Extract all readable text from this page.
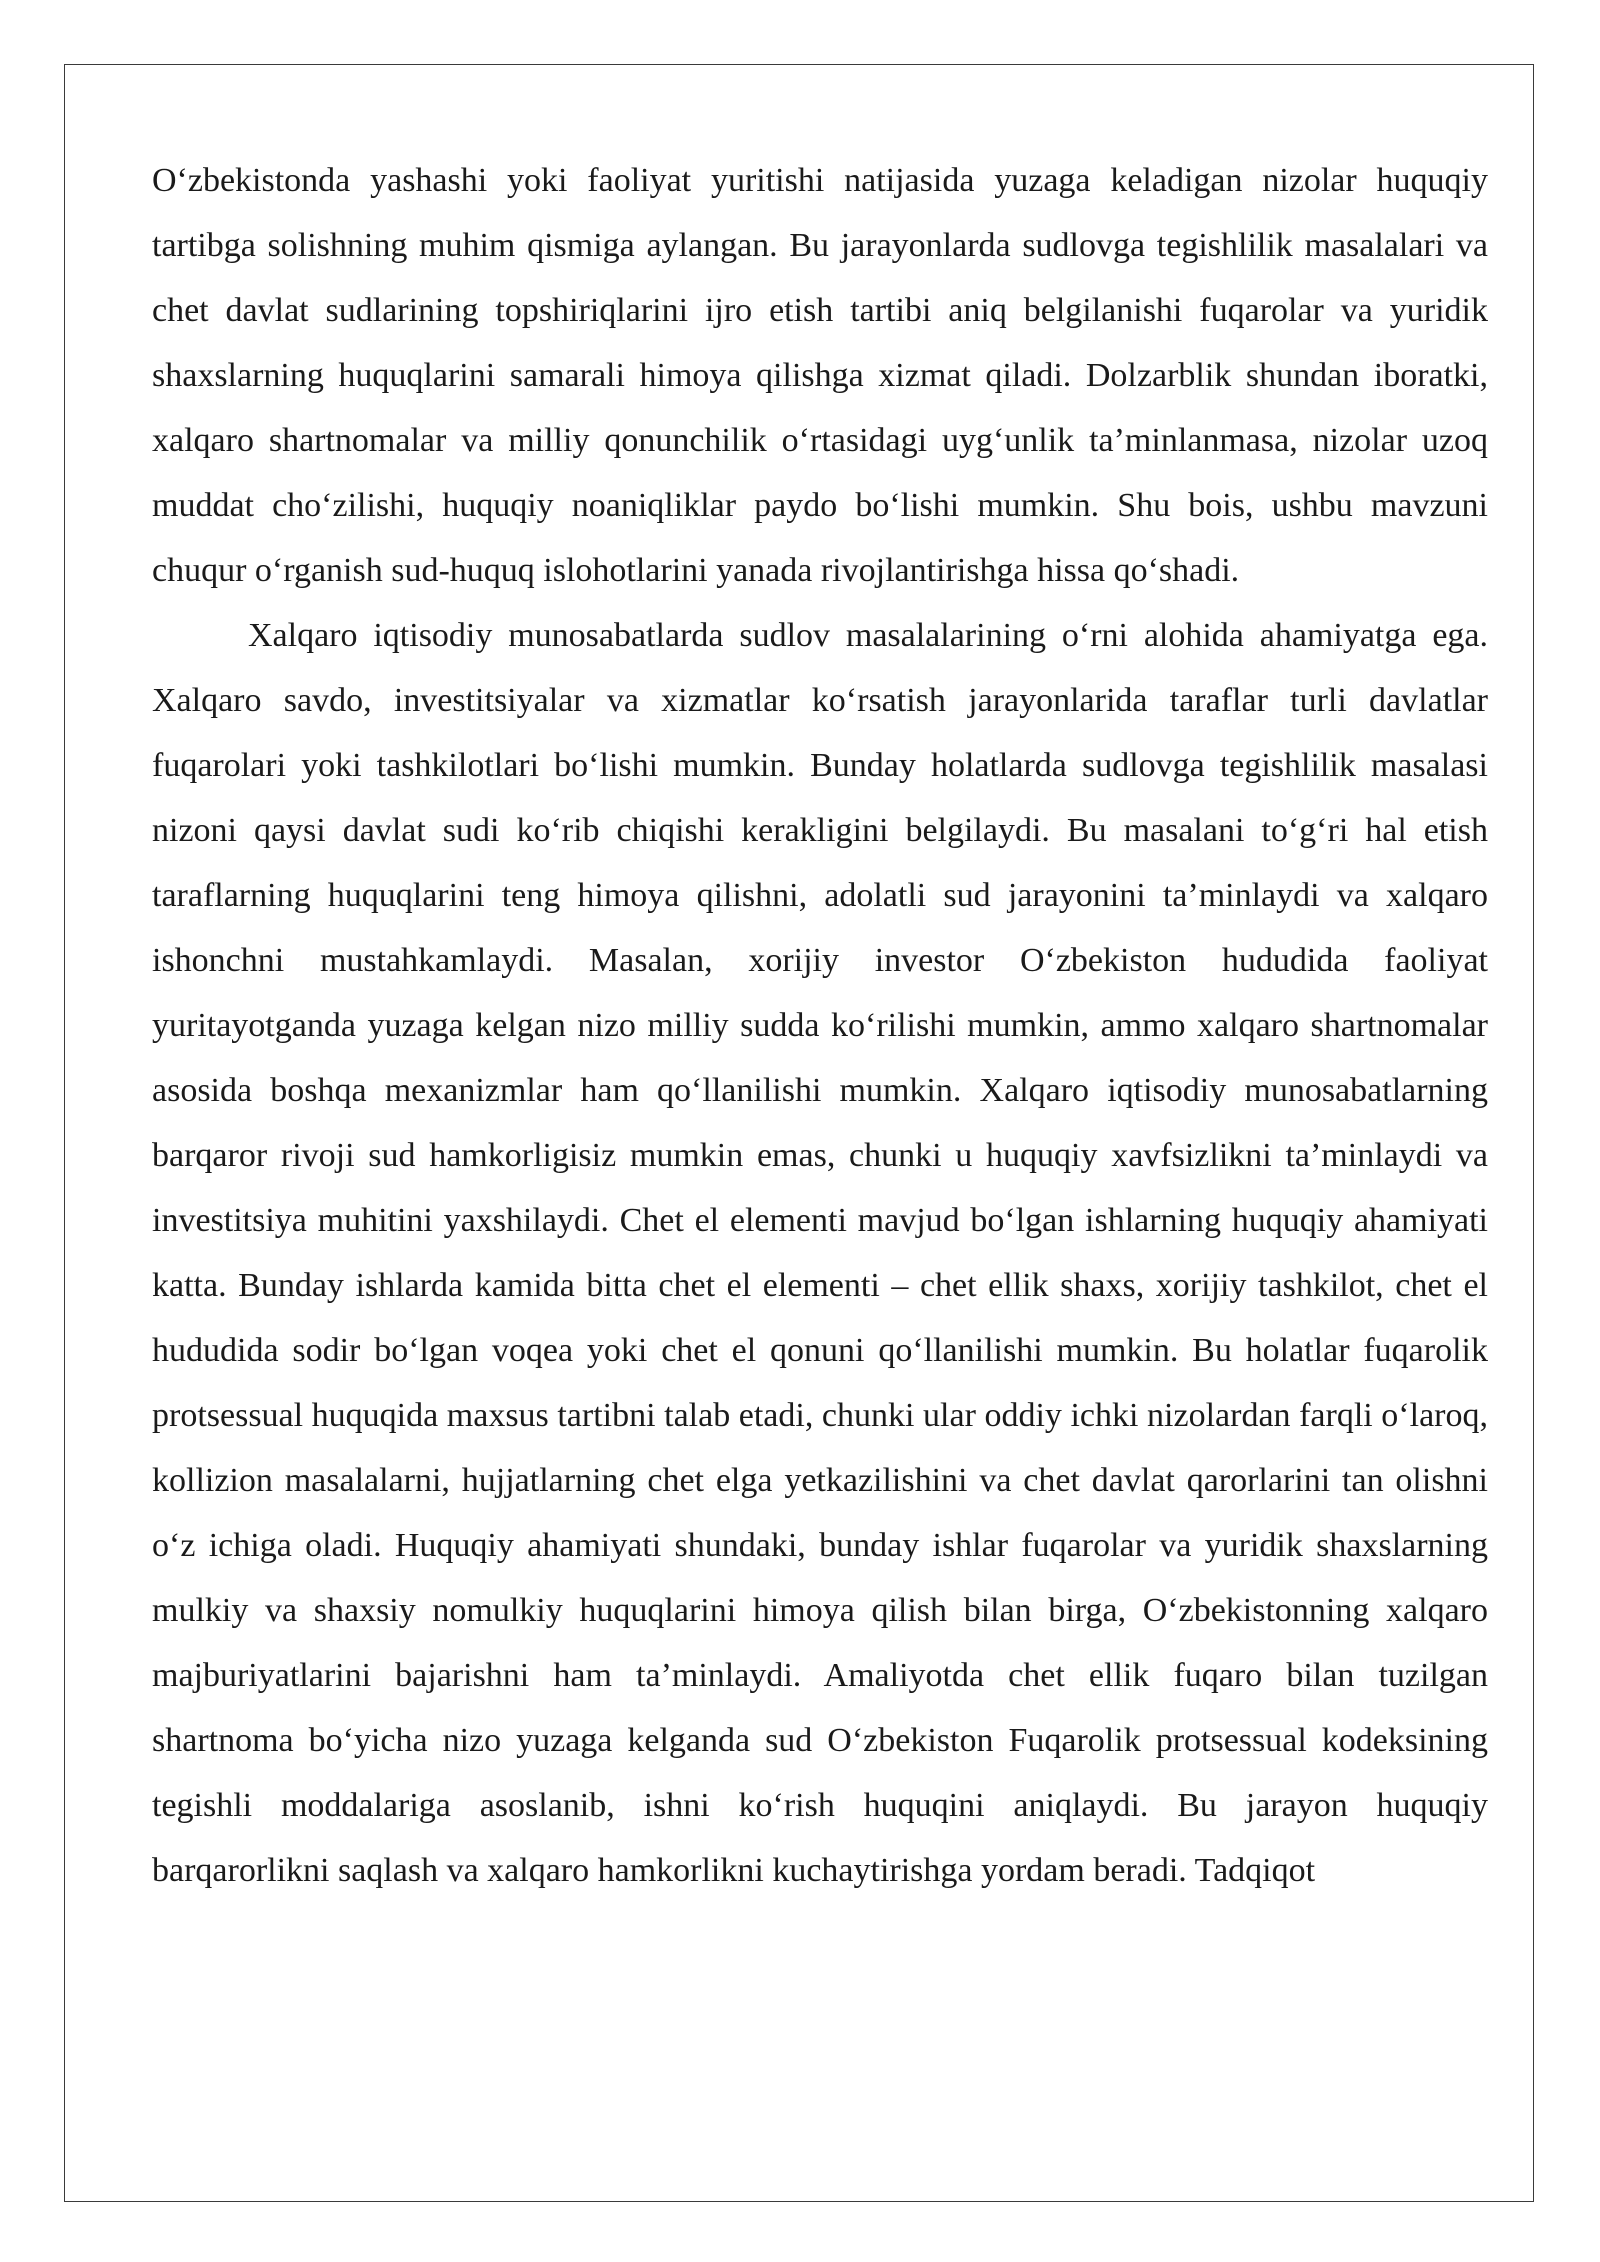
O‘zbekistonda yashashi yoki faoliyat yuritishi natijasida yuzaga keladigan nizolar huquqiy tartibga solishning muhim qismiga aylangan. Bu jarayonlarda sudlovga tegishlilik masalalari va chet davlat sudlarining topshiriqlarini ijro etish tartibi aniq belgilanishi fuqarolar va yuridik shaxslarning huquqlarini samarali himoya qilishga xizmat qiladi. Dolzarblik shundan iboratki, xalqaro shartnomalar va milliy qonunchilik o‘rtasidagi uyg‘unlik ta’minlanmasa, nizolar uzoq muddat cho‘zilishi, huquqiy noaniqliklar paydo bo‘lishi mumkin. Shu bois, ushbu mavzuni chuqur o‘rganish sud-huquq islohotlarini yanada rivojlantirishga hissa qo‘shadi.

Xalqaro iqtisodiy munosabatlarda sudlov masalalarining o‘rni alohida ahamiyatga ega. Xalqaro savdo, investitsiyalar va xizmatlar ko‘rsatish jarayonlarida taraflar turli davlatlar fuqarolari yoki tashkilotlari bo‘lishi mumkin. Bunday holatlarda sudlovga tegishlilik masalasi nizoni qaysi davlat sudi ko‘rib chiqishi kerakligini belgilaydi. Bu masalani to‘g‘ri hal etish taraflarning huquqlarini teng himoya qilishni, adolatli sud jarayonini ta’minlaydi va xalqaro ishonchni mustahkamlaydi. Masalan, xorijiy investor O‘zbekiston hududida faoliyat yuritayotganda yuzaga kelgan nizo milliy sudda ko‘rilishi mumkin, ammo xalqaro shartnomalar asosida boshqa mexanizmlar ham qo‘llanilishi mumkin. Xalqaro iqtisodiy munosabatlarning barqaror rivoji sud hamkorligisiz mumkin emas, chunki u huquqiy xavfsizlikni ta’minlaydi va investitsiya muhitini yaxshilaydi. Chet el elementi mavjud bo‘lgan ishlarning huquqiy ahamiyati katta. Bunday ishlarda kamida bitta chet el elementi – chet ellik shaxs, xorijiy tashkilot, chet el hududida sodir bo‘lgan voqea yoki chet el qonuni qo‘llanilishi mumkin. Bu holatlar fuqarolik protsessual huquqida maxsus tartibni talab etadi, chunki ular oddiy ichki nizolardan farqli o‘laroq, kollizion masalalarni, hujjatlarning chet elga yetkazilishini va chet davlat qarorlarini tan olishni o‘z ichiga oladi. Huquqiy ahamiyati shundaki, bunday ishlar fuqarolar va yuridik shaxslarning mulkiy va shaxsiy nomulkiy huquqlarini himoya qilish bilan birga, O‘zbekistonning xalqaro majburiyatlarini bajarishni ham ta’minlaydi. Amaliyotda chet ellik fuqaro bilan tuzilgan shartnoma bo‘yicha nizo yuzaga kelganda sud O‘zbekiston Fuqarolik protsessual kodeksining tegishli moddalariga asoslanib, ishni ko‘rish huquqini aniqlaydi. Bu jarayon huquqiy barqarorlikni saqlash va xalqaro hamkorlikni kuchaytirishga yordam beradi. Tadqiqot
